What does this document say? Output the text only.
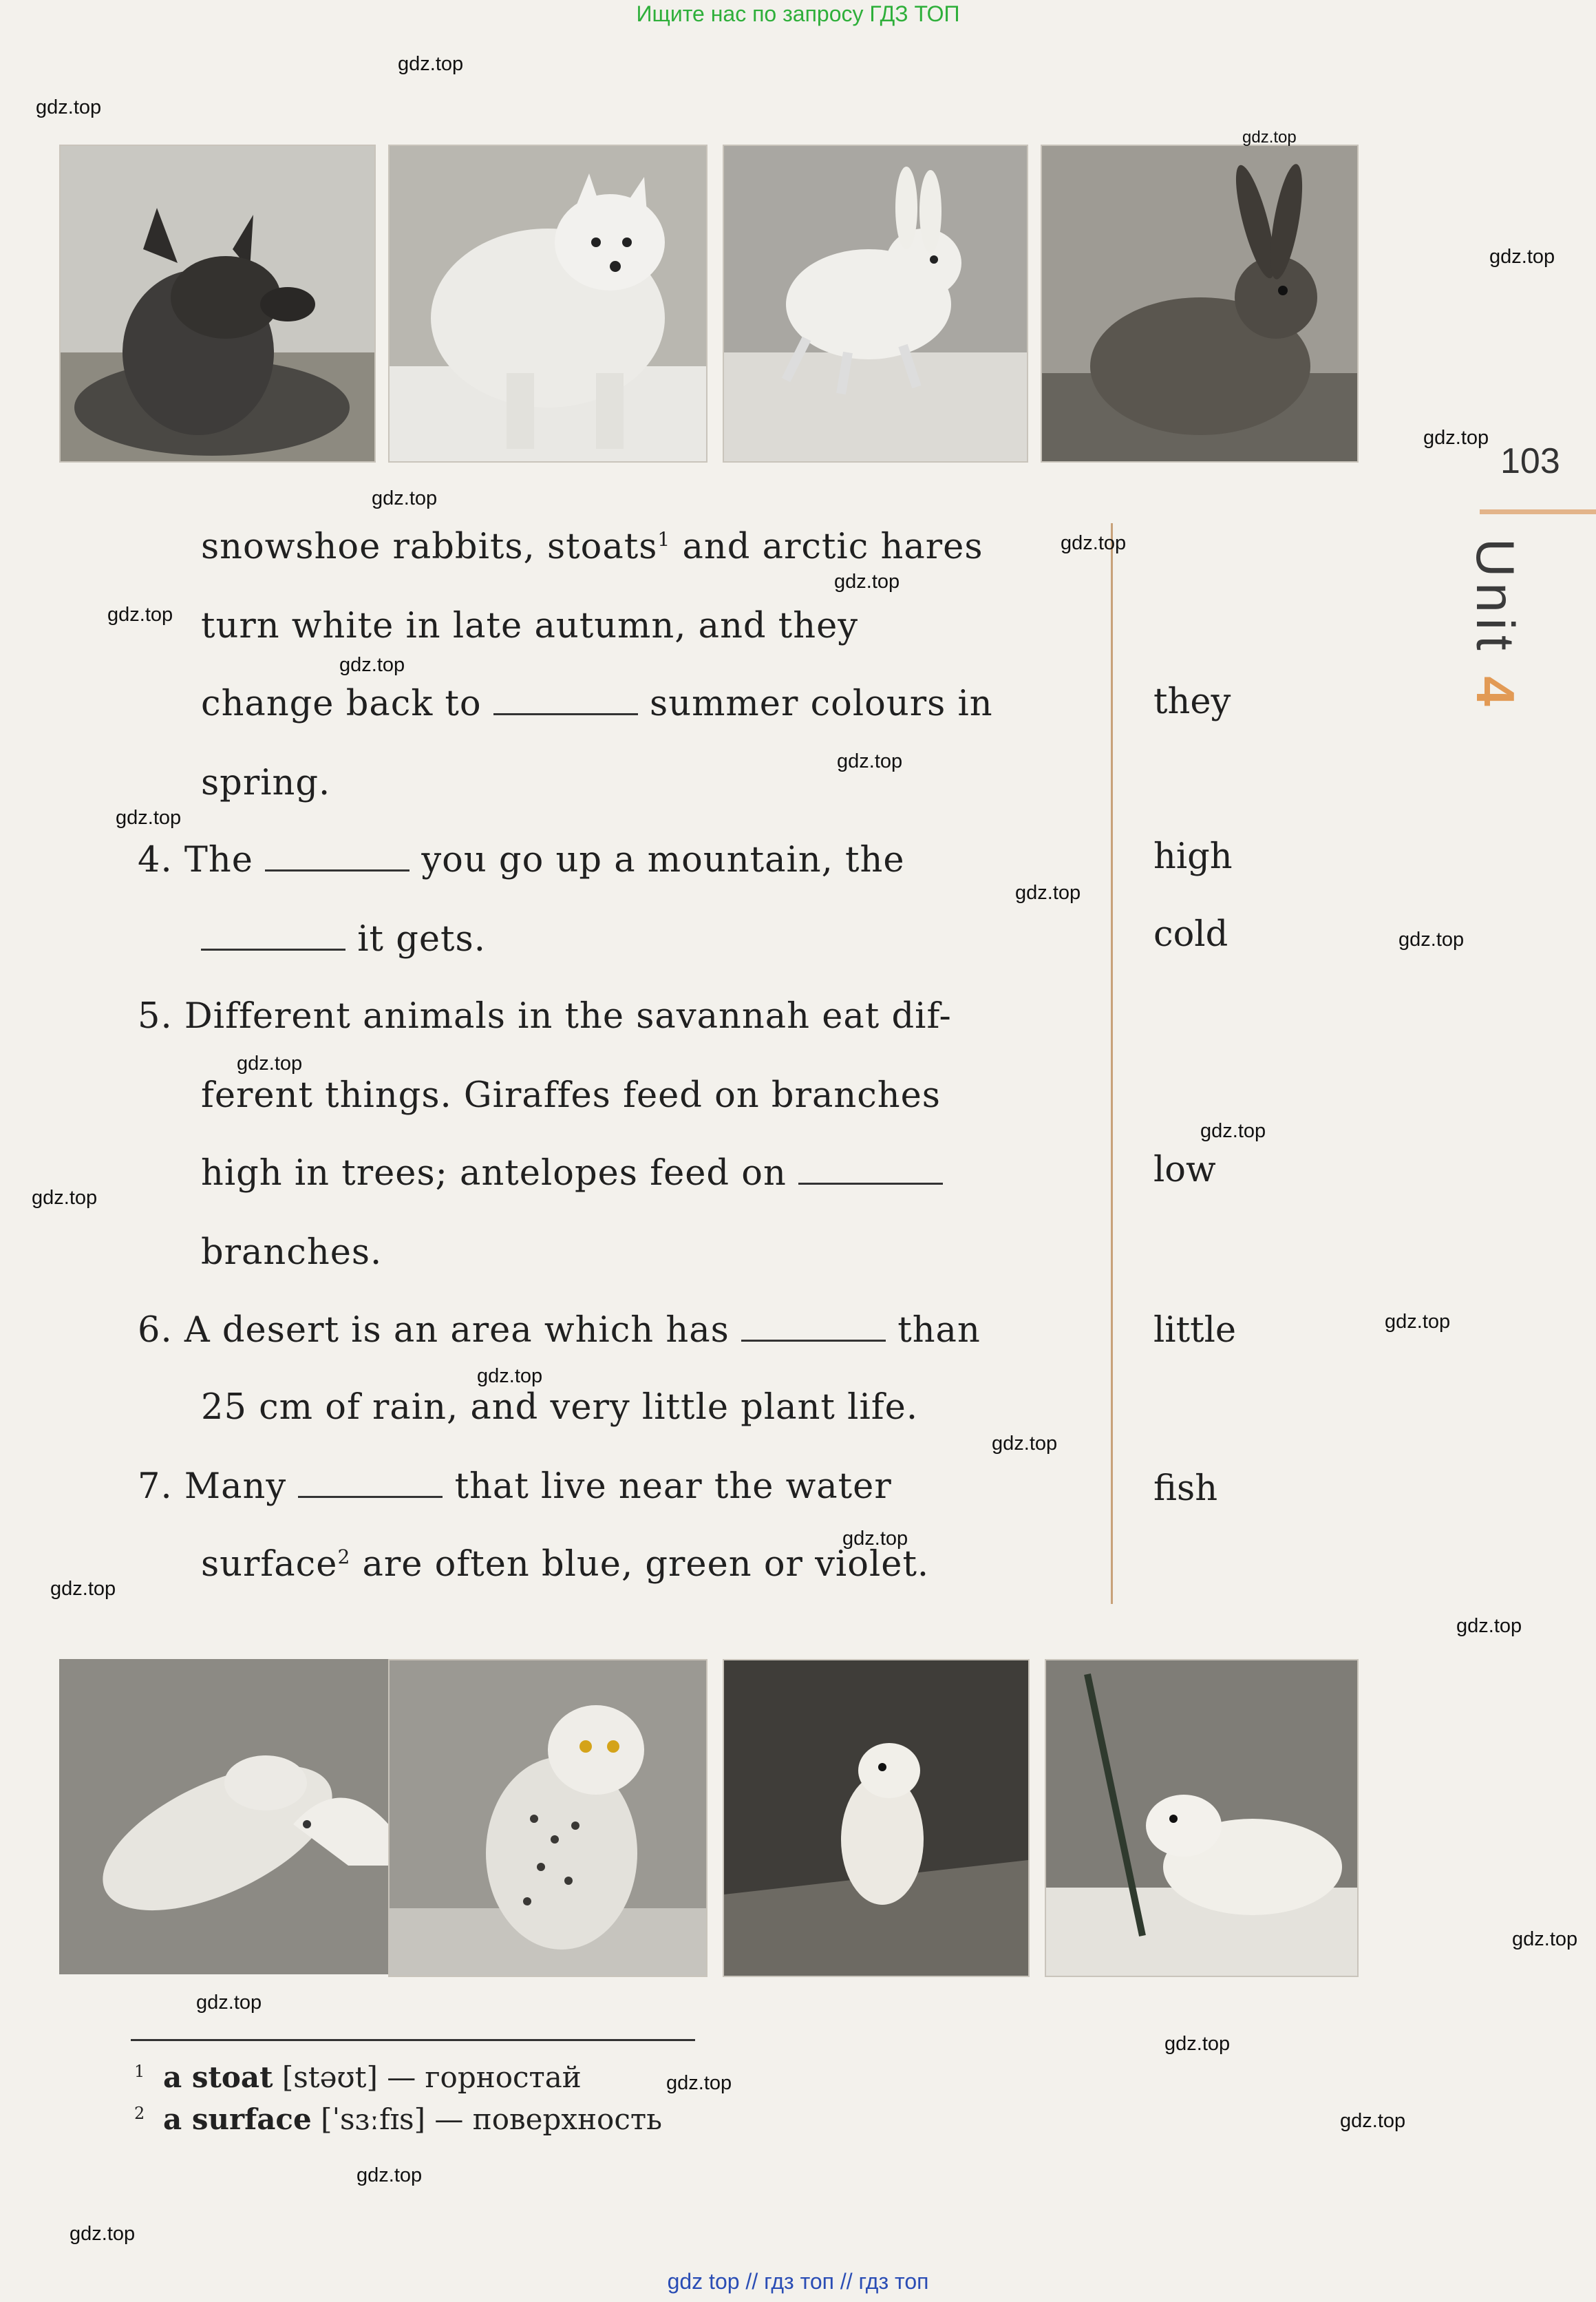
Ищите нас по запросу ГДЗ ТОП
gdz top // гдз топ // гдз топ
103
Unit 4
snowshoe rabbits, stoats$^1$ and arctic hares
turn white in late autumn, and they
change back to	summer colours in
spring.
4. The	you go up a mountain, the
it gets.
5. Different animals in the savannah eat dif-
ferent things. Giraffes feed on branches
high in trees; antelopes feed on
branches.
6. A desert is an area which has	than
25 cm of rain, and very little plant life.
7. Many	that live near the water
surface$^2$ are often blue, green or violet.
they
high
cold
low
little
fish
$^1$ a stoat [stəʊt] — горностай
$^2$ a surface [ˈsɜːfɪs] — поверхность
gdz.top
gdz.top
gdz.top
gdz.top
gdz.top
gdz.top
gdz.top
gdz.top
gdz.top
gdz.top
gdz.top
gdz.top
gdz.top
gdz.top
gdz.top
gdz.top
gdz.top
gdz.top
gdz.top
gdz.top
gdz.top
gdz.top
gdz.top
gdz.top
gdz.top
gdz.top
gdz.top
gdz.top
gdz.top
gdz.top
